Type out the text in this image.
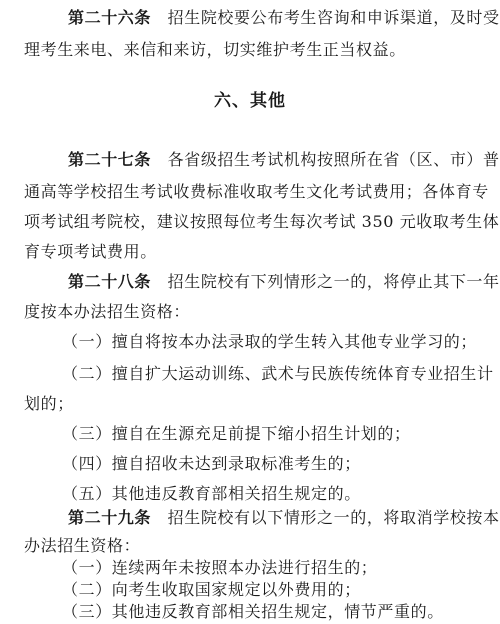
第二十六条　 招生院校要公布考生咨询和申诉渠道，及时受
理考生来电、来信和来访，切实维护考生正当权益。
六、其他
第二十七条　 各省级招生考试机构按照所在省（区、市）普
通高等学校招生考试收费标准收取考生文化考试费用；各体育专
项考试组考院校，建议按照每位考生每次考试 350 元收取考生体
育专项考试费用。
第二十八条　 招生院校有下列情形之一的，将停止其下一年
度按本办法招生资格：
（一）擅自将按本办法录取的学生转入其他专业学习的；
（二）擅自扩大运动训练、武术与民族传统体育专业招生计
划的；
（三）擅自在生源充足前提下缩小招生计划的；
（四）擅自招收未达到录取标准考生的；
（五）其他违反教育部相关招生规定的。
第二十九条　 招生院校有以下情形之一的，将取消学校按本
办法招生资格：
（一）连续两年未按照本办法进行招生的；
（二）向考生收取国家规定以外费用的；
（三）其他违反教育部相关招生规定，情节严重的。
